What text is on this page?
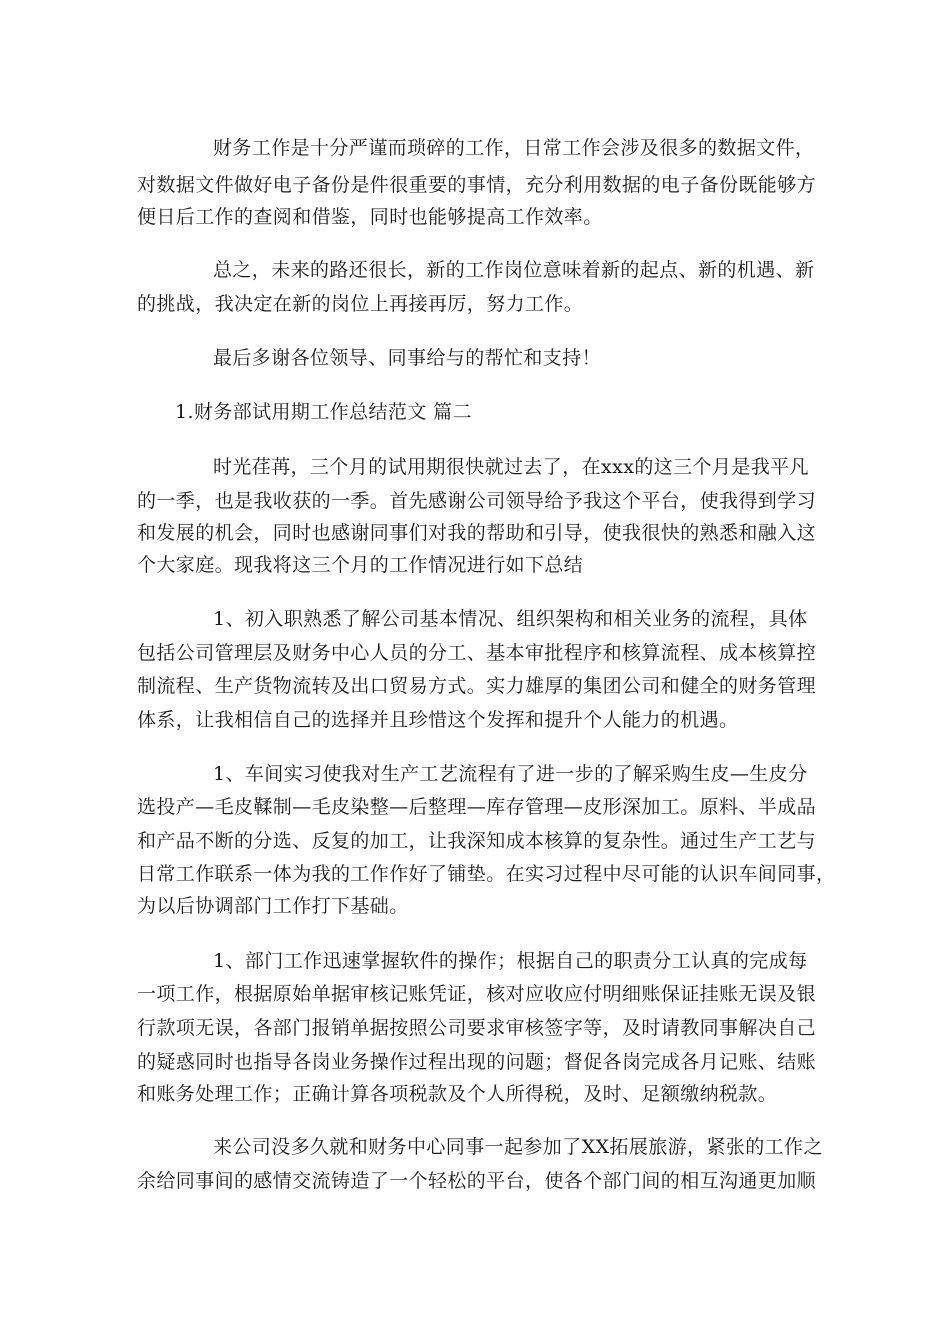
财务工作是十分严谨而琐碎的工作，日常工作会涉及很多的数据文件，
对数据文件做好电子备份是件很重要的事情，充分利用数据的电子备份既能够方
便日后工作的查阅和借鉴，同时也能够提高工作效率。
总之，未来的路还很长，新的工作岗位意味着新的起点、新的机遇、新
的挑战，我决定在新的岗位上再接再厉，努力工作。
最后多谢各位领导、同事给与的帮忙和支持！
1.财务部试用期工作总结范文 篇二
时光荏苒，三个月的试用期很快就过去了，在xxx的这三个月是我平凡
的一季，也是我收获的一季。首先感谢公司领导给予我这个平台，使我得到学习
和发展的机会，同时也感谢同事们对我的帮助和引导，使我很快的熟悉和融入这
个大家庭。现我将这三个月的工作情况进行如下总结
1、初入职熟悉了解公司基本情况、组织架构和相关业务的流程，具体
包括公司管理层及财务中心人员的分工、基本审批程序和核算流程、成本核算控
制流程、生产货物流转及出口贸易方式。实力雄厚的集团公司和健全的财务管理
体系，让我相信自己的选择并且珍惜这个发挥和提升个人能力的机遇。
1、车间实习使我对生产工艺流程有了进一步的了解采购生皮—生皮分
选投产—毛皮鞣制—毛皮染整—后整理—库存管理—皮形深加工。原料、半成品
和产品不断的分选、反复的加工，让我深知成本核算的复杂性。通过生产工艺与
日常工作联系一体为我的工作作好了铺垫。在实习过程中尽可能的认识车间同事，
为以后协调部门工作打下基础。
1、部门工作迅速掌握软件的操作；根据自己的职责分工认真的完成每
一项工作，根据原始单据审核记账凭证，核对应收应付明细账保证挂账无误及银
行款项无误，各部门报销单据按照公司要求审核签字等，及时请教同事解决自己
的疑惑同时也指导各岗业务操作过程出现的问题；督促各岗完成各月记账、结账
和账务处理工作；正确计算各项税款及个人所得税，及时、足额缴纳税款。
来公司没多久就和财务中心同事一起参加了XX拓展旅游，紧张的工作之
余给同事间的感情交流铸造了一个轻松的平台，使各个部门间的相互沟通更加顺
